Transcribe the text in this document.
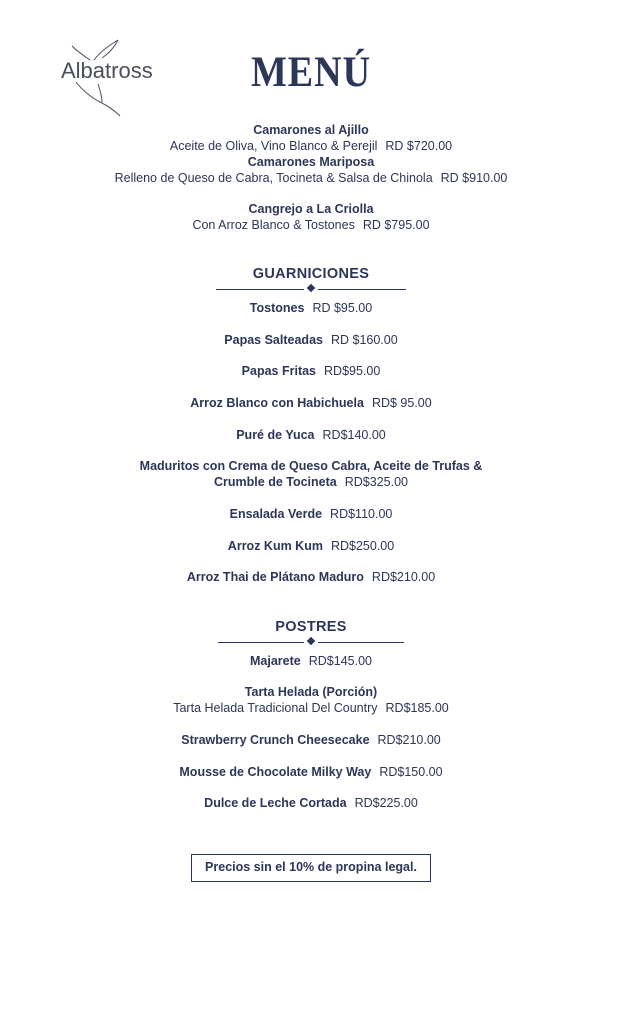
Albatross	MENÚ
Camarones al Ajillo
Aceite de Oliva, Vino Blanco & Perejil RD $720.00
Camarones Mariposa
Relleno de Queso de Cabra, Tocineta & Salsa de Chinola RD $910.00
Cangrejo a La Criolla
Con Arroz Blanco & Tostones RD $795.00
GUARNICIONES
Tostones RD $95.00
Papas Salteadas RD $160.00
Papas Fritas RD$95.00
Arroz Blanco con Habichuela RD$ 95.00
Puré de Yuca RD$140.00
Maduritos con Crema de Queso Cabra, Aceite de Trufas &
Crumble de Tocineta RD$325.00
Ensalada Verde RD$110.00
Arroz Kum Kum RD$250.00
Arroz Thai de Plátano Maduro RD$210.00
POSTRES
Majarete RD$145.00
Tarta Helada (Porción)
Tarta Helada Tradicional Del Country RD$185.00
Strawberry Crunch Cheesecake RD$210.00
Mousse de Chocolate Milky Way RD$150.00
Dulce de Leche Cortada RD$225.00
Precios sin el 10% de propina legal.
